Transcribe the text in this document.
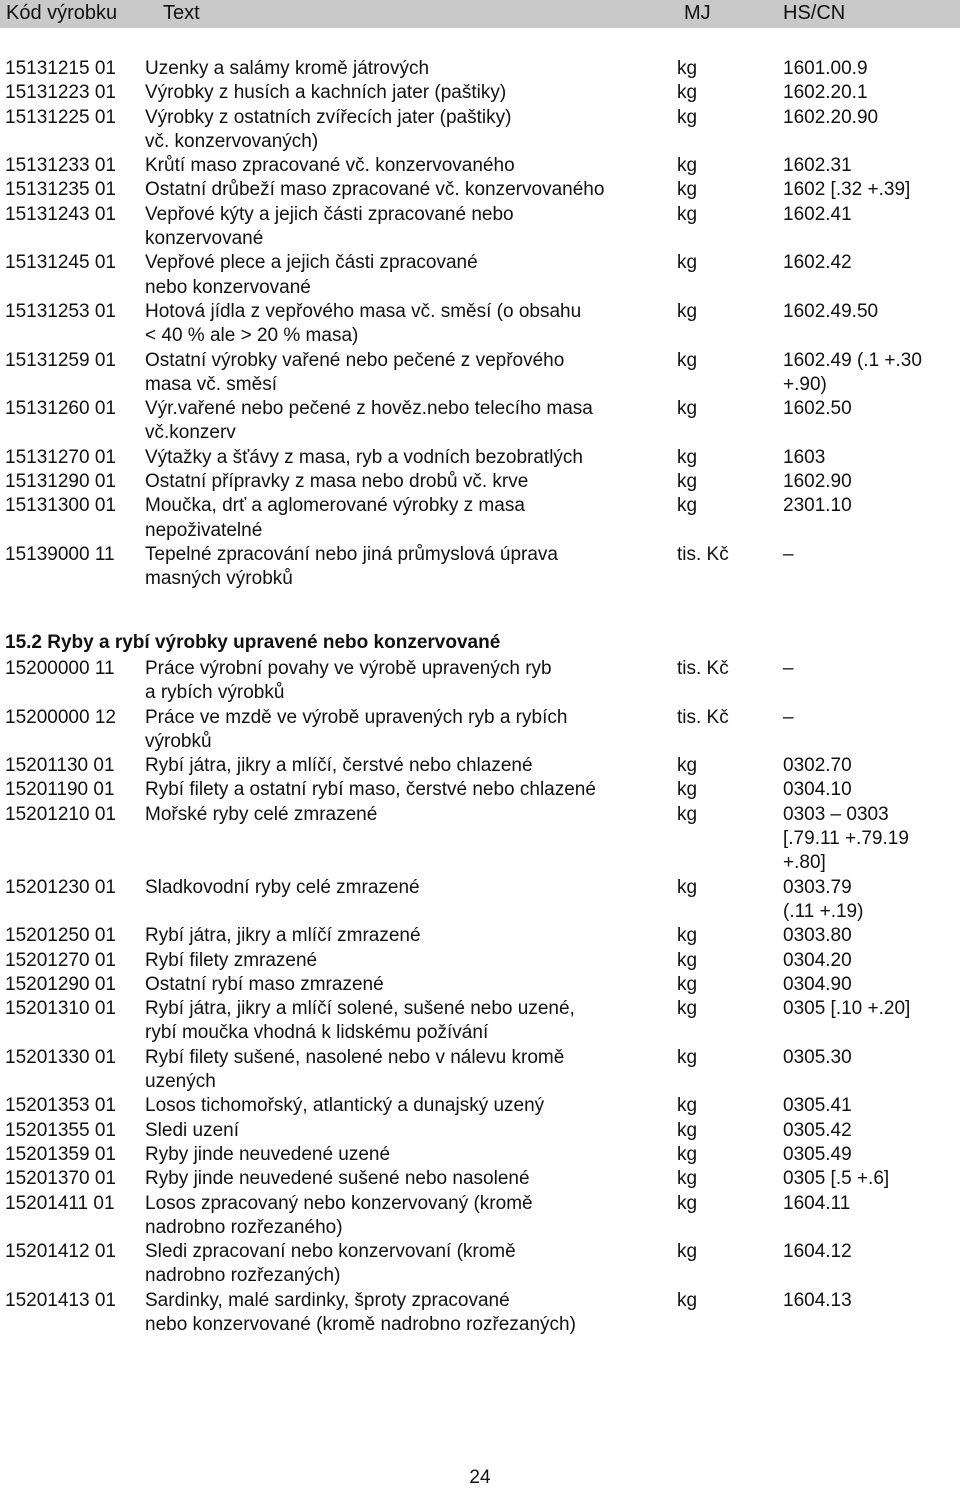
Kód výrobku Text	MJ	HS/CN
15131215 01	Uzenky a salámy kromě játrových	kg	1601.00.9
15131223 01	Výrobky z husích a kachních jater (paštiky)	kg	1602.20.1
15131225 01	Výrobky z ostatních zvířecích jater (paštiky)
vč. konzervovaných)
kg	1602.20.90
15131233 01	Krůtí maso zpracované vč. konzervovaného	kg	1602.31
15131235 01	Ostatní drůbeží maso zpracované vč. konzervovaného	kg	1602 [.32 +.39]
15131243 01	Vepřové kýty a jejich části zpracované nebo
konzervované
kg	1602.41
15131245 01	Vepřové plece a jejich části zpracované
nebo konzervované
kg	1602.42
15131253 01	Hotová jídla z vepřového masa vč. směsí (o obsahu
< 40 % ale > 20 % masa)
kg	1602.49.50
15131259 01	Ostatní výrobky vařené nebo pečené z vepřového
masa vč. směsí
kg	1602.49 (.1 +.30
+.90)
15131260 01	Výr.vařené nebo pečené z hověz.nebo telecího masa
vč.konzerv
kg	1602.50
15131270 01	Výtažky a šťávy z masa, ryb a vodních bezobratlých	kg	1603
15131290 01	Ostatní přípravky z masa nebo drobů vč. krve	kg	1602.90
15131300 01	Moučka, drť a aglomerované výrobky z masa
nepoživatelné
kg	2301.10
15139000 11	Tepelné zpracování nebo jiná průmyslová úprava
masných výrobků
tis. Kč	–
15.2 Ryby a rybí výrobky upravené nebo konzervované
15200000 11	Práce výrobní povahy ve výrobě upravených ryb
a rybích výrobků
tis. Kč	–
15200000 12	Práce ve mzdě ve výrobě upravených ryb a rybích
výrobků
tis. Kč	–
15201130 01	Rybí játra, jikry a mlíčí, čerstvé nebo chlazené	kg	0302.70
15201190 01	Rybí filety a ostatní rybí maso, čerstvé nebo chlazené	kg	0304.10
15201210 01	Mořské ryby celé zmrazené	kg	0303 – 0303
[.79.11 +.79.19
+.80]
15201230 01	Sladkovodní ryby celé zmrazené	kg	0303.79
(.11 +.19)
15201250 01	Rybí játra, jikry a mlíčí zmrazené	kg	0303.80
15201270 01	Rybí filety zmrazené	kg	0304.20
15201290 01	Ostatní rybí maso zmrazené	kg	0304.90
15201310 01	Rybí játra, jikry a mlíčí solené, sušené nebo uzené,
rybí moučka vhodná k lidskému požívání
kg	0305 [.10 +.20]
15201330 01	Rybí filety sušené, nasolené nebo v nálevu kromě
uzených
kg	0305.30
15201353 01	Losos tichomořský, atlantický a dunajský uzený	kg	0305.41
15201355 01	Sledi uzení	kg	0305.42
15201359 01	Ryby jinde neuvedené uzené	kg	0305.49
15201370 01	Ryby jinde neuvedené sušené nebo nasolené	kg	0305 [.5 +.6]
15201411 01	Losos zpracovaný nebo konzervovaný (kromě
nadrobno rozřezaného)
kg	1604.11
15201412 01	Sledi zpracovaní nebo konzervovaní (kromě
nadrobno rozřezaných)
kg	1604.12
15201413 01	Sardinky, malé sardinky, šproty zpracované
nebo konzervované (kromě nadrobno rozřezaných)
kg	1604.13
24
